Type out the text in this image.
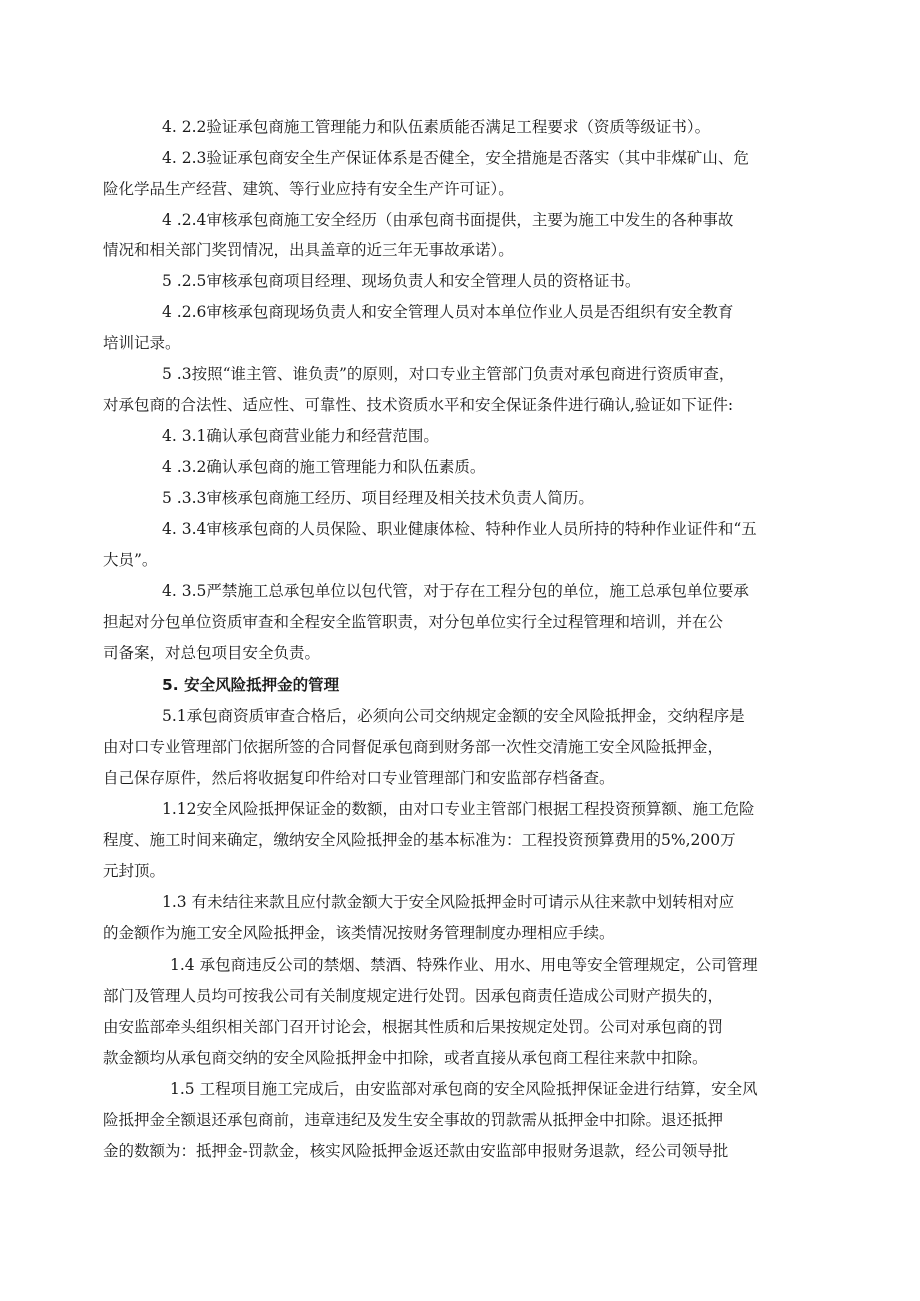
4. 2.2验证承包商施工管理能力和队伍素质能否满足工程要求（资质等级证书）。
4. 2.3验证承包商安全生产保证体系是否健全，安全措施是否落实（其中非煤矿山、危
险化学品生产经营、建筑、等行业应持有安全生产许可证）。
4 .2.4审核承包商施工安全经历（由承包商书面提供，主要为施工中发生的各种事故
情况和相关部门奖罚情况，出具盖章的近三年无事故承诺）。
5 .2.5审核承包商项目经理、现场负责人和安全管理人员的资格证书。
4 .2.6审核承包商现场负责人和安全管理人员对本单位作业人员是否组织有安全教育
培训记录。
5 .3按照“谁主管、谁负责”的原则，对口专业主管部门负责对承包商进行资质审查，
对承包商的合法性、适应性、可靠性、技术资质水平和安全保证条件进行确认,验证如下证件:
4. 3.1确认承包商营业能力和经营范围。
4 .3.2确认承包商的施工管理能力和队伍素质。
5 .3.3审核承包商施工经历、项目经理及相关技术负责人简历。
4. 3.4审核承包商的人员保险、职业健康体检、特种作业人员所持的特种作业证件和“五
大员”。
4. 3.5严禁施工总承包单位以包代管，对于存在工程分包的单位，施工总承包单位要承
担起对分包单位资质审查和全程安全监管职责，对分包单位实行全过程管理和培训，并在公
司备案，对总包项目安全负责。
5. 安全风险抵押金的管理
5.1承包商资质审查合格后，必须向公司交纳规定金额的安全风险抵押金，交纳程序是
由对口专业管理部门依据所签的合同督促承包商到财务部一次性交清施工安全风险抵押金，
自己保存原件，然后将收据复印件给对口专业管理部门和安监部存档备查。
1.12安全风险抵押保证金的数额，由对口专业主管部门根据工程投资预算额、施工危险
程度、施工时间来确定，缴纳安全风险抵押金的基本标准为：工程投资预算费用的5%,200万
元封顶。
1.3 有未结往来款且应付款金额大于安全风险抵押金时可请示从往来款中划转相对应
的金额作为施工安全风险抵押金，该类情况按财务管理制度办理相应手续。
1.4 承包商违反公司的禁烟、禁酒、特殊作业、用水、用电等安全管理规定，公司管理
部门及管理人员均可按我公司有关制度规定进行处罚。因承包商责任造成公司财产损失的，
由安监部牵头组织相关部门召开讨论会，根据其性质和后果按规定处罚。公司对承包商的罚
款金额均从承包商交纳的安全风险抵押金中扣除，或者直接从承包商工程往来款中扣除。
1.5 工程项目施工完成后，由安监部对承包商的安全风险抵押保证金进行结算，安全风
险抵押金全额退还承包商前，违章违纪及发生安全事故的罚款需从抵押金中扣除。退还抵押
金的数额为：抵押金-罚款金，核实风险抵押金返还款由安监部申报财务退款，经公司领导批
